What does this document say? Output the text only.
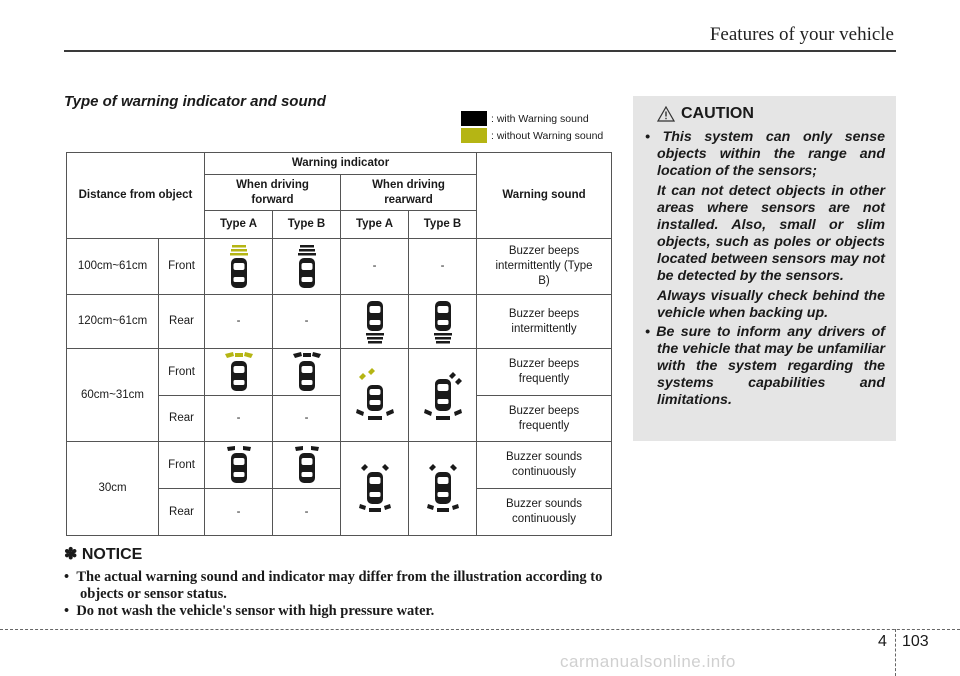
Features of your vehicle
Type of warning indicator and sound
:
with Warning sound
:
without Warning sound
Distance from object		Warning indicator				Warning sound

		When driving forward		When driving rearward		

		Type A	Type B	Type A	Type B	
100cm~61cm	Front			-	-	Buzzer beeps intermittently (Type B)

120cm~61cm	Rear	-	-			Buzzer beeps intermittently

60cm~31cm	Front					Buzzer beeps frequently

	Rear	-	-			Buzzer beeps frequently

30cm	Front					Buzzer sounds continuously

	Rear	-	-			Buzzer sounds continuously
✽ NOTICE
•  The actual warning sound and indicator may differ from the illustration according to objects or sensor status.
•  Do not wash the vehicle's sensor with high pressure water.
CAUTION
• This system can only sense objects within the range and location of the sensors;
It can not detect objects in other areas where sensors are not installed. Also, small or slim objects, such as poles or objects located between sensors may not be detected by the sensors.
Always visually check behind the vehicle when backing up.
• Be sure to inform any drivers of the vehicle that may be unfamiliar with the system regarding the systems capabilities and limitations.
4 103
carmanualsonline.info
